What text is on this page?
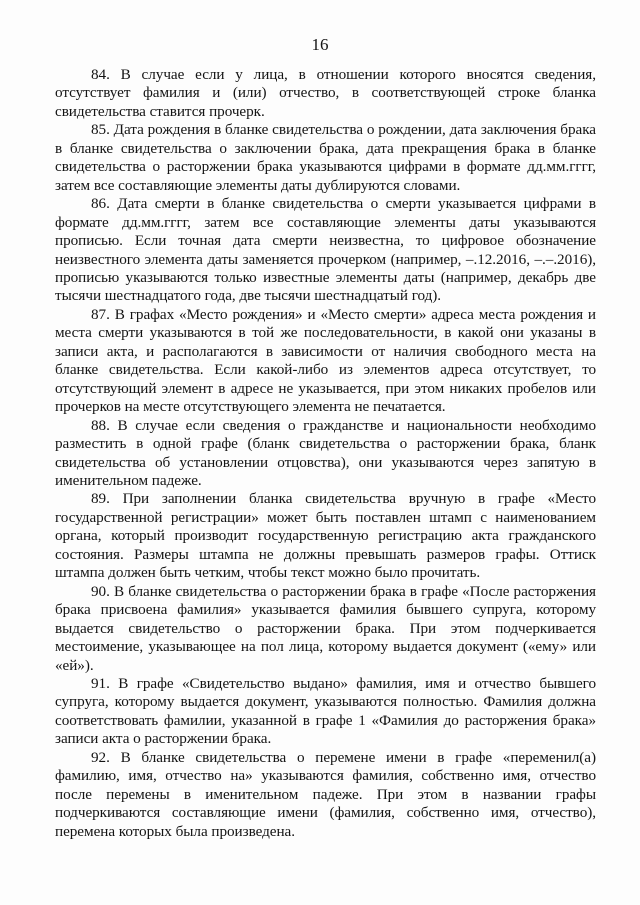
16

84. В случае если у лица, в отношении которого вносятся сведения, отсутствует фамилия и (или) отчество, в соответствующей строке бланка свидетельства ставится прочерк.

85. Дата рождения в бланке свидетельства о рождении, дата заключения брака в бланке свидетельства о заключении брака, дата прекращения брака в бланке свидетельства о расторжении брака указываются цифрами в формате дд.мм.гггг, затем все составляющие элементы даты дублируются словами.

86. Дата смерти в бланке свидетельства о смерти указывается цифрами в формате дд.мм.гггг, затем все составляющие элементы даты указываются прописью. Если точная дата смерти неизвестна, то цифровое обозначение неизвестного элемента даты заменяется прочерком (например, –.12.2016, –.–.2016), прописью указываются только известные элементы даты (например, декабрь две тысячи шестнадцатого года, две тысячи шестнадцатый год).

87. В графах «Место рождения» и «Место смерти» адреса места рождения и места смерти указываются в той же последовательности, в какой они указаны в записи акта, и располагаются в зависимости от наличия свободного места на бланке свидетельства. Если какой-либо из элементов адреса отсутствует, то отсутствующий элемент в адресе не указывается, при этом никаких пробелов или прочерков на месте отсутствующего элемента не печатается.

88. В случае если сведения о гражданстве и национальности необходимо разместить в одной графе (бланк свидетельства о расторжении брака, бланк свидетельства об установлении отцовства), они указываются через запятую в именительном падеже.

89. При заполнении бланка свидетельства вручную в графе «Место государственной регистрации» может быть поставлен штамп с наименованием органа, который производит государственную регистрацию акта гражданского состояния. Размеры штампа не должны превышать размеров графы. Оттиск штампа должен быть четким, чтобы текст можно было прочитать.

90. В бланке свидетельства о расторжении брака в графе «После расторжения брака присвоена фамилия» указывается фамилия бывшего супруга, которому выдается свидетельство о расторжении брака. При этом подчеркивается местоимение, указывающее на пол лица, которому выдается документ («ему» или «ей»).

91. В графе «Свидетельство выдано» фамилия, имя и отчество бывшего супруга, которому выдается документ, указываются полностью. Фамилия должна соответствовать фамилии, указанной в графе 1 «Фамилия до расторжения брака» записи акта о расторжении брака.

92. В бланке свидетельства о перемене имени в графе «переменил(а) фамилию, имя, отчество на» указываются фамилия, собственно имя, отчество после перемены в именительном падеже. При этом в названии графы подчеркиваются составляющие имени (фамилия, собственно имя, отчество), перемена которых была произведена.
